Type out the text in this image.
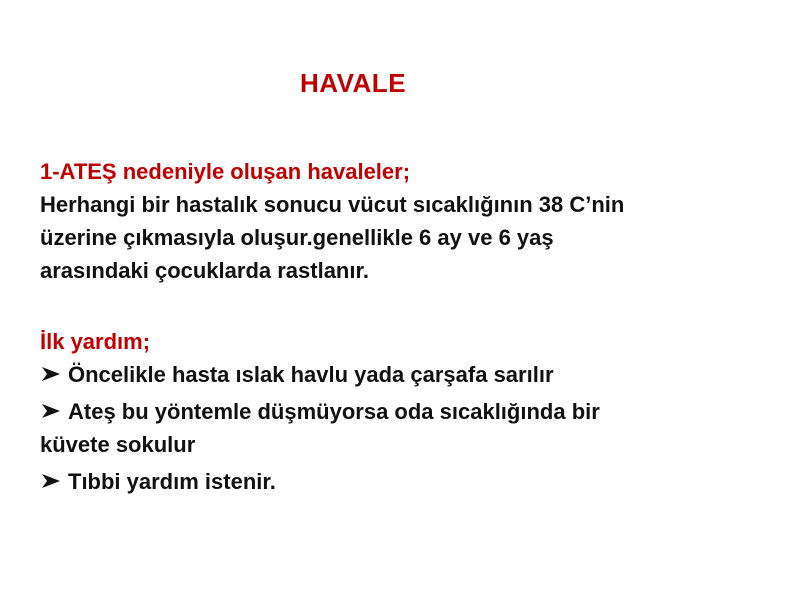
HAVALE

1-ATEŞ nedeniyle oluşan havaleler;

Herhangi bir hastalık sonucu vücut sıcaklığının 38 C’nin
üzerine çıkmasıyla oluşur.genellikle 6 ay ve 6 yaş
arasındaki çocuklarda rastlanır.

İlk yardım;

Öncelikle hasta ıslak havlu yada çarşafa sarılır
Ateş bu yöntemle düşmüyorsa oda sıcaklığında bir
küvete sokulur
Tıbbi yardım istenir.
